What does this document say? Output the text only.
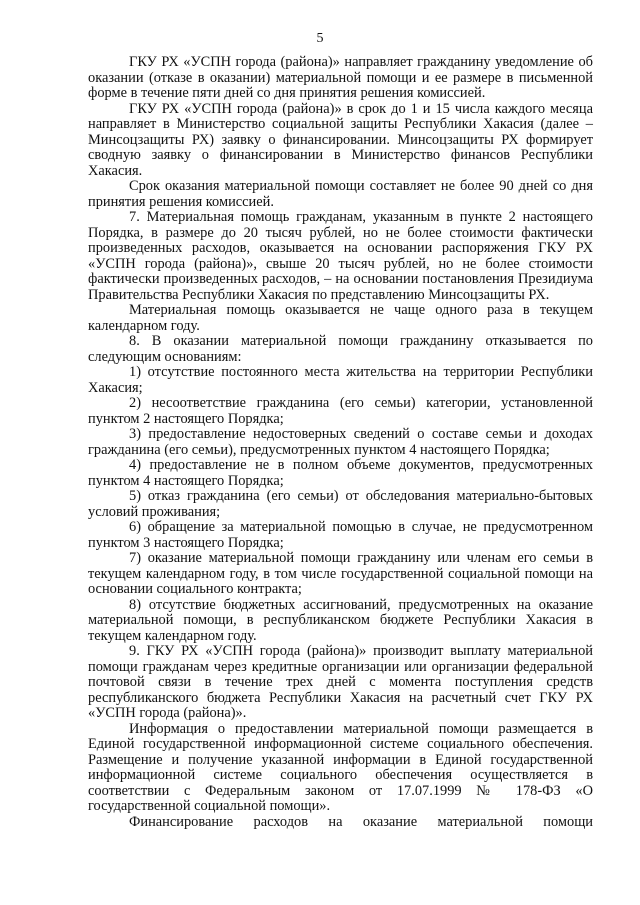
5

ГКУ РХ «УСПН города (района)» направляет гражданину уведомление об оказании (отказе в оказании) материальной помощи и ее размере в письменной форме в течение пяти дней со дня принятия решения комиссией.

ГКУ РХ «УСПН города (района)» в срок до 1 и 15 числа каждого месяца направляет в Министерство социальной защиты Республики Хакасия (далее – Минсоцзащиты РХ) заявку о финансировании. Минсоцзащиты РХ формирует сводную заявку о финансировании в Министерство финансов Республики Хакасия.

Срок оказания материальной помощи составляет не более 90 дней со дня принятия решения комиссией.

7. Материальная помощь гражданам, указанным в пункте 2 настоящего Порядка, в размере до 20 тысяч рублей, но не более стоимости фактически произведенных расходов, оказывается на основании распоряжения ГКУ РХ «УСПН города (района)», свыше 20 тысяч рублей, но не более стоимости фактически произведенных расходов, – на основании постановления Президиума Правительства Республики Хакасия по представлению Минсоцзащиты РХ.

Материальная помощь оказывается не чаще одного раза в текущем календарном году.

8. В оказании материальной помощи гражданину отказывается по следующим основаниям:

1) отсутствие постоянного места жительства на территории Республики Хакасия;

2) несоответствие гражданина (его семьи) категории, установленной пунктом 2 настоящего Порядка;

3) предоставление недостоверных сведений о составе семьи и доходах гражданина (его семьи), предусмотренных пунктом 4 настоящего Порядка;

4) предоставление не в полном объеме документов, предусмотренных пунктом 4 настоящего Порядка;

5) отказ гражданина (его семьи) от обследования материально-бытовых условий проживания;

6) обращение за материальной помощью в случае, не предусмотренном пунктом 3 настоящего Порядка;

7) оказание материальной помощи гражданину или членам его семьи в текущем календарном году, в том числе государственной социальной помощи на основании социального контракта;

8) отсутствие бюджетных ассигнований, предусмотренных на оказание материальной помощи, в республиканском бюджете Республики Хакасия в текущем календарном году.

9. ГКУ РХ «УСПН города (района)» производит выплату материальной помощи гражданам через кредитные организации или организации федеральной почтовой связи в течение трех дней с момента поступления средств республиканского бюджета Республики Хакасия на расчетный счет ГКУ РХ «УСПН города (района)».

Информация о предоставлении материальной помощи размещается в Единой государственной информационной системе социального обеспечения. Размещение и получение указанной информации в Единой государственной информационной системе социального обеспечения осуществляется в соответствии с Федеральным законом от 17.07.1999 № 178-ФЗ «О государственной социальной помощи».

Финансирование расходов на оказание материальной помощи
